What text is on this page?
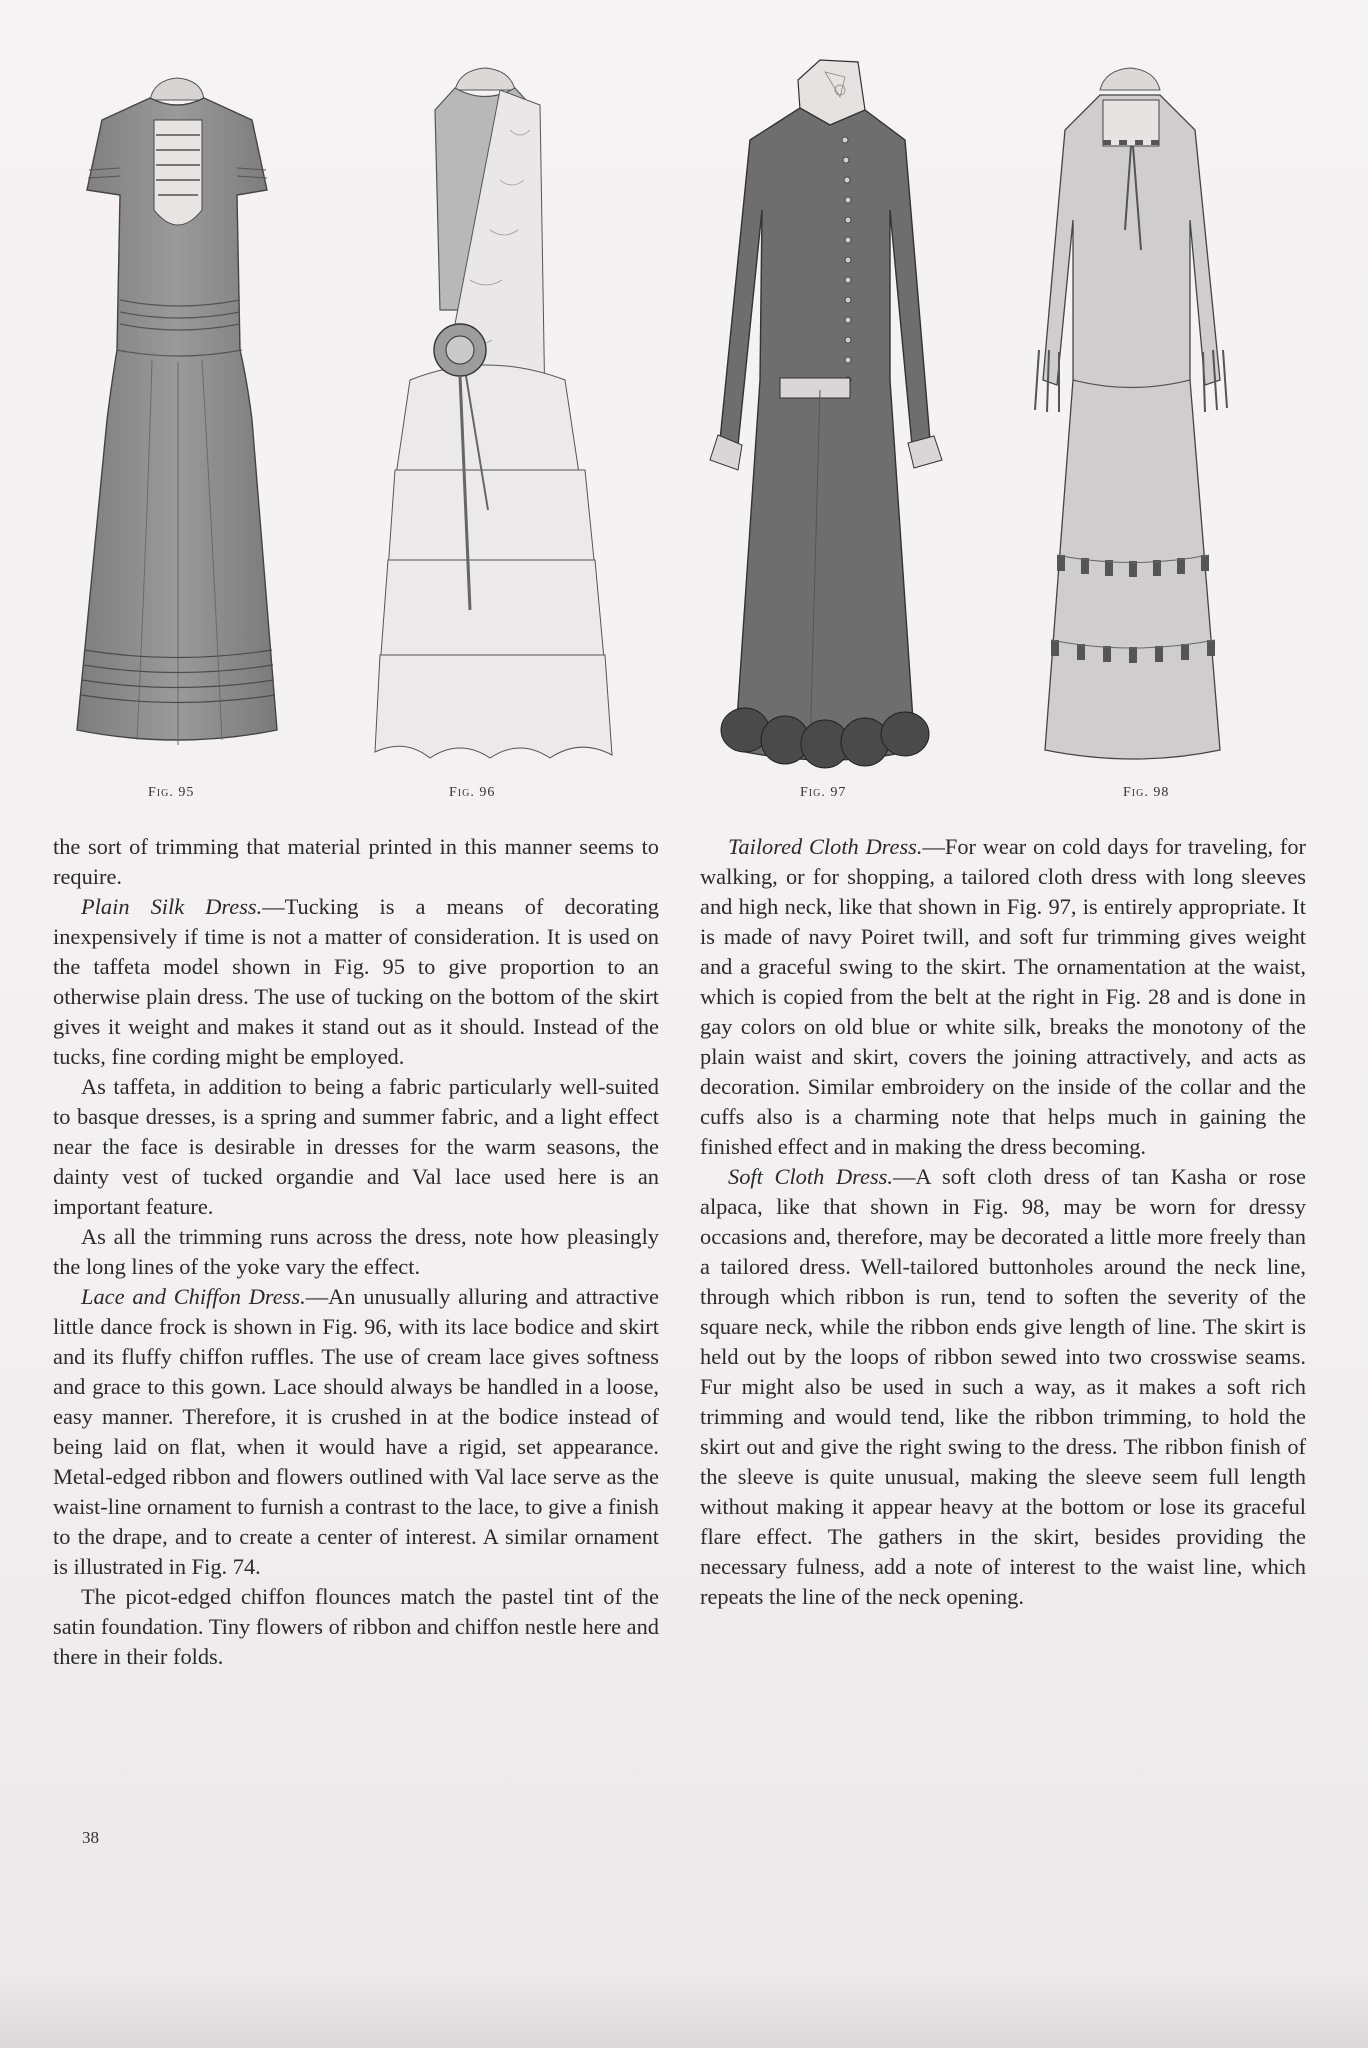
Fig. 95	Fig. 96	Fig. 97	Fig. 98

the sort of trimming that material printed in this manner seems to require.

Plain Silk Dress.—Tucking is a means of decorating inexpensively if time is not a matter of consideration. It is used on the taffeta model shown in Fig. 95 to give proportion to an otherwise plain dress. The use of tucking on the bottom of the skirt gives it weight and makes it stand out as it should. Instead of the tucks, fine cording might be employed.

As taffeta, in addition to being a fabric particularly well-suited to basque dresses, is a spring and summer fabric, and a light effect near the face is desirable in dresses for the warm seasons, the dainty vest of tucked organdie and Val lace used here is an important feature.

As all the trimming runs across the dress, note how pleasingly the long lines of the yoke vary the effect.

Lace and Chiffon Dress.—An unusually alluring and attractive little dance frock is shown in Fig. 96, with its lace bodice and skirt and its fluffy chiffon ruffles. The use of cream lace gives softness and grace to this gown. Lace should always be handled in a loose, easy manner. Therefore, it is crushed in at the bodice instead of being laid on flat, when it would have a rigid, set appearance. Metal-edged ribbon and flowers outlined with Val lace serve as the waist-line ornament to furnish a contrast to the lace, to give a finish to the drape, and to create a center of interest. A similar ornament is illustrated in Fig. 74.

The picot-edged chiffon flounces match the pastel tint of the satin foundation. Tiny flowers of ribbon and chiffon nestle here and there in their folds.

Tailored Cloth Dress.—For wear on cold days for traveling, for walking, or for shopping, a tailored cloth dress with long sleeves and high neck, like that shown in Fig. 97, is entirely appropriate. It is made of navy Poiret twill, and soft fur trimming gives weight and a graceful swing to the skirt. The ornamentation at the waist, which is copied from the belt at the right in Fig. 28 and is done in gay colors on old blue or white silk, breaks the monotony of the plain waist and skirt, covers the joining attractively, and acts as decoration. Similar embroidery on the inside of the collar and the cuffs also is a charming note that helps much in gaining the finished effect and in making the dress becoming.

Soft Cloth Dress.—A soft cloth dress of tan Kasha or rose alpaca, like that shown in Fig. 98, may be worn for dressy occasions and, therefore, may be decorated a little more freely than a tailored dress. Well-tailored buttonholes around the neck line, through which ribbon is run, tend to soften the severity of the square neck, while the ribbon ends give length of line. The skirt is held out by the loops of ribbon sewed into two crosswise seams. Fur might also be used in such a way, as it makes a soft rich trimming and would tend, like the ribbon trimming, to hold the skirt out and give the right swing to the dress. The ribbon finish of the sleeve is quite unusual, making the sleeve seem full length without making it appear heavy at the bottom or lose its graceful flare effect. The gathers in the skirt, besides providing the necessary fulness, add a note of interest to the waist line, which repeats the line of the neck opening.

38
